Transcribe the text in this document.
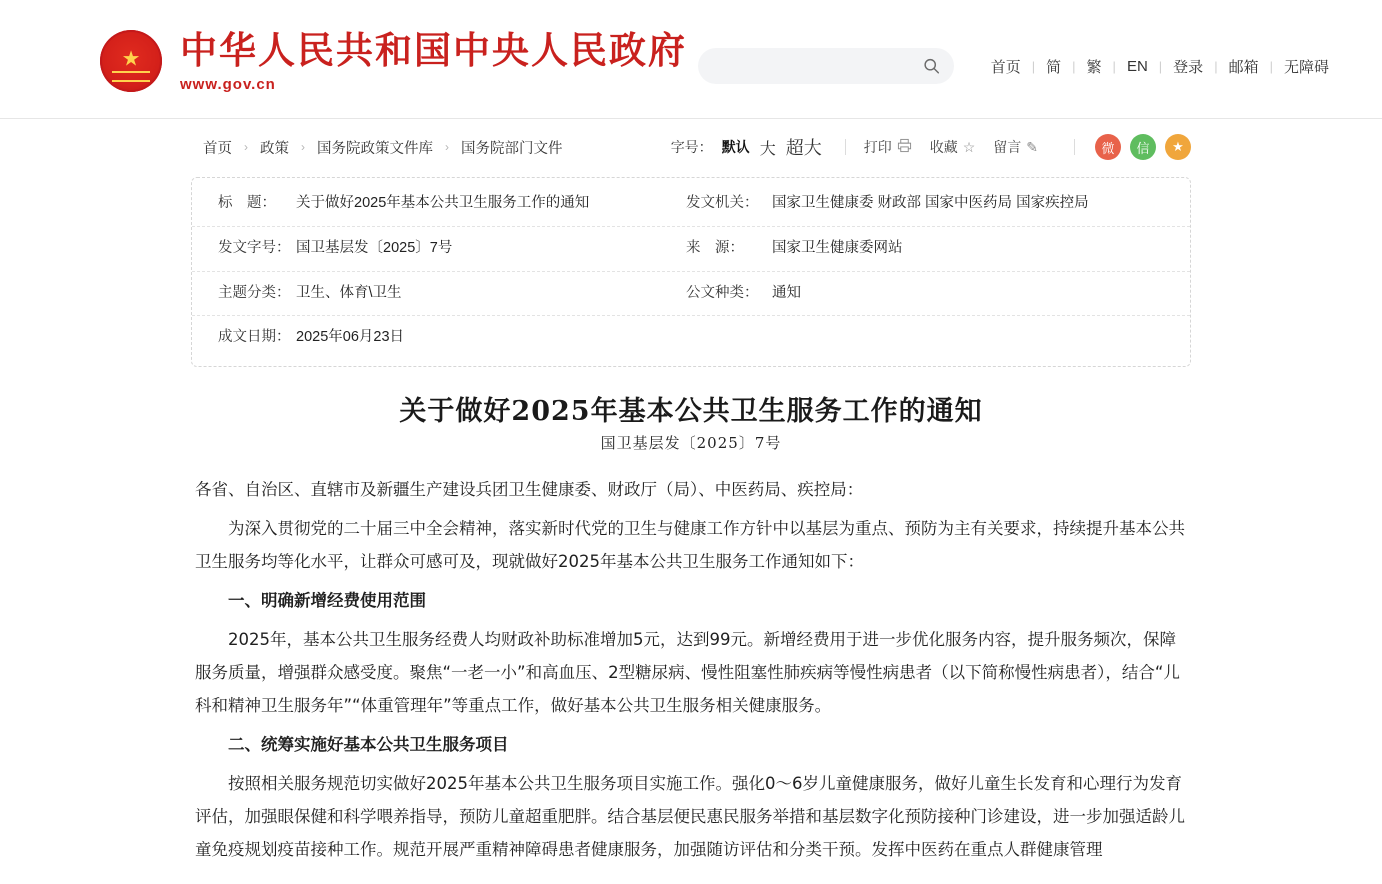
★
中华人民共和国中央人民政府
www.gov.cn
首页 | 简 | 繁 | EN | 登录 | 邮箱 | 无障碍
首页 › 政策 › 国务院政策文件库 › 国务院部门文件	字号： 默认 大 超大	打印	收藏 ☆ 留言 ✎	微	信	★
标　题：	关于做好2025年基本公共卫生服务工作的通知	发文机关： 国家卫生健康委 财政部 国家中医药局 国家疾控局
发文字号： 国卫基层发〔2025〕7号	来　源：	国家卫生健康委网站
主题分类： 卫生、体育\卫生	公文种类： 通知
成文日期： 2025年06月23日
关于做好2025年基本公共卫生服务工作的通知
国卫基层发〔2025〕7号

各省、自治区、直辖市及新疆生产建设兵团卫生健康委、财政厅（局）、中医药局、疾控局：

为深入贯彻党的二十届三中全会精神，落实新时代党的卫生与健康工作方针中以基层为重点、预防为主有关要求，持续提升基本公共卫生服务均等化水平，让群众可感可及，现就做好2025年基本公共卫生服务工作通知如下：

一、明确新增经费使用范围

2025年，基本公共卫生服务经费人均财政补助标准增加5元，达到99元。新增经费用于进一步优化服务内容，提升服务频次，保障服务质量，增强群众感受度。聚焦“一老一小”和高血压、2型糖尿病、慢性阻塞性肺疾病等慢性病患者（以下简称慢性病患者），结合“儿科和精神卫生服务年”“体重管理年”等重点工作，做好基本公共卫生服务相关健康服务。

二、统筹实施好基本公共卫生服务项目

按照相关服务规范切实做好2025年基本公共卫生服务项目实施工作。强化0～6岁儿童健康服务，做好儿童生长发育和心理行为发育评估，加强眼保健和科学喂养指导，预防儿童超重肥胖。结合基层便民惠民服务举措和基层数字化预防接种门诊建设，进一步加强适龄儿童免疫规划疫苗接种工作。规范开展严重精神障碍患者健康服务，加强随访评估和分类干预。发挥中医药在重点人群健康管理
